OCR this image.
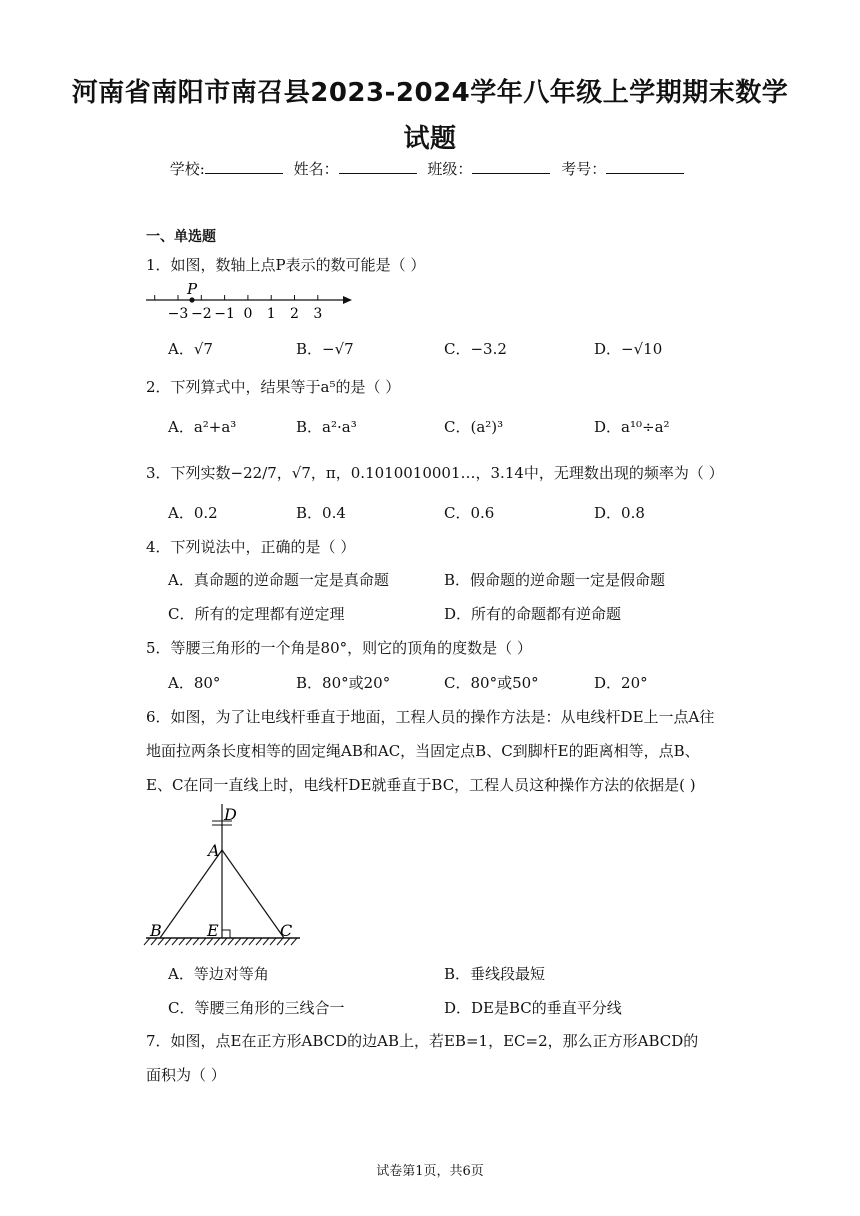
河南省南阳市南召县2023-2024学年八年级上学期期末数学
试题
学校:	姓名：	班级：	考号：
一、单选题
1．如图，数轴上点P表示的数可能是（ ）
−3 −2 −1 0 1 2 3
P
A．√7	B．−√7	C．−3.2	D．−√10
2．下列算式中，结果等于a⁵的是（ ）
A．a²+a³	B．a²·a³	C．(a²)³	D．a¹⁰÷a²
3．下列实数−22/7，√7，π，0.1010010001…，3.14中，无理数出现的频率为（ ）
A．0.2	B．0.4	C．0.6	D．0.8
4．下列说法中，正确的是（ ）
A．真命题的逆命题一定是真命题	B．假命题的逆命题一定是假命题
C．所有的定理都有逆定理	D．所有的命题都有逆命题
5．等腰三角形的一个角是80°，则它的顶角的度数是（ ）
A．80°	B．80°或20°	C．80°或50°	D．20°
6．如图，为了让电线杆垂直于地面，工程人员的操作方法是：从电线杆DE上一点A往
地面拉两条长度相等的固定绳AB和AC，当固定点B、C到脚杆E的距离相等，点B、
E、C在同一直线上时，电线杆DE就垂直于BC，工程人员这种操作方法的依据是( )
D
A
B	E	C
A．等边对等角	B．垂线段最短
C．等腰三角形的三线合一	D．DE是BC的垂直平分线
7．如图，点E在正方形ABCD的边AB上，若EB=1，EC=2，那么正方形ABCD的
面积为（ ）
试卷第1页，共6页
